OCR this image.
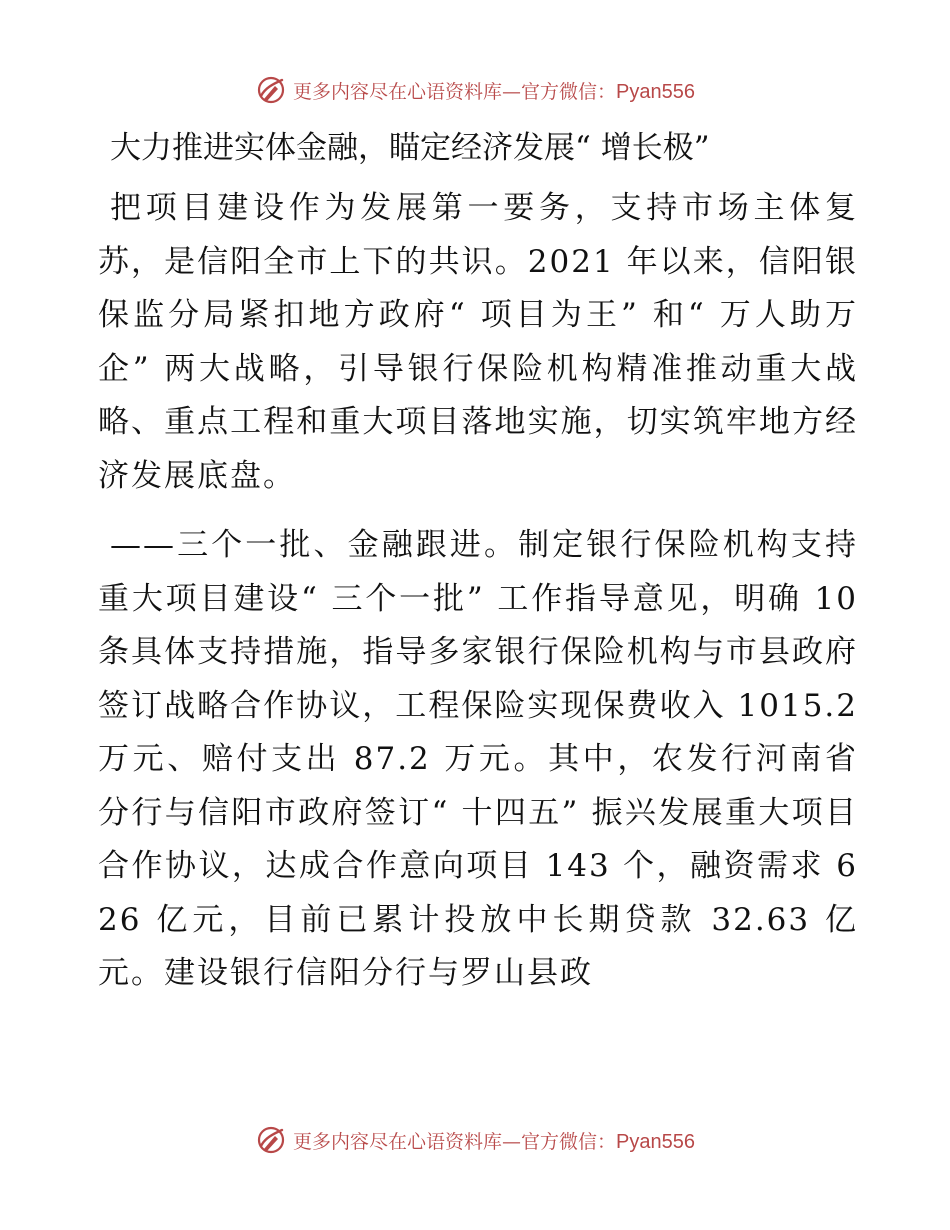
更多内容尽在心语资料库—官方微信：Pyan556
大力推进实体金融，瞄定经济发展“ 增长极”

把项目建设作为发展第一要务，支持市场主体复苏，是信阳全市上下的共识。2021 年以来，信阳银保监分局紧扣地方政府“ 项目为王” 和“ 万人助万企” 两大战略，引导银行保险机构精准推动重大战略、重点工程和重大项目落地实施，切实筑牢地方经济发展底盘。

——三个一批、金融跟进。制定银行保险机构支持重大项目建设“ 三个一批” 工作指导意见，明确 10 条具体支持措施，指导多家银行保险机构与市县政府签订战略合作协议，工程保险实现保费收入 1015.2 万元、赔付支出 87.2 万元。其中，农发行河南省分行与信阳市政府签订“ 十四五” 振兴发展重大项目合作协议，达成合作意向项目 143 个，融资需求 626 亿元，目前已累计投放中长期贷款 32.63 亿元。建设银行信阳分行与罗山县政

更多内容尽在心语资料库—官方微信：Pyan556
